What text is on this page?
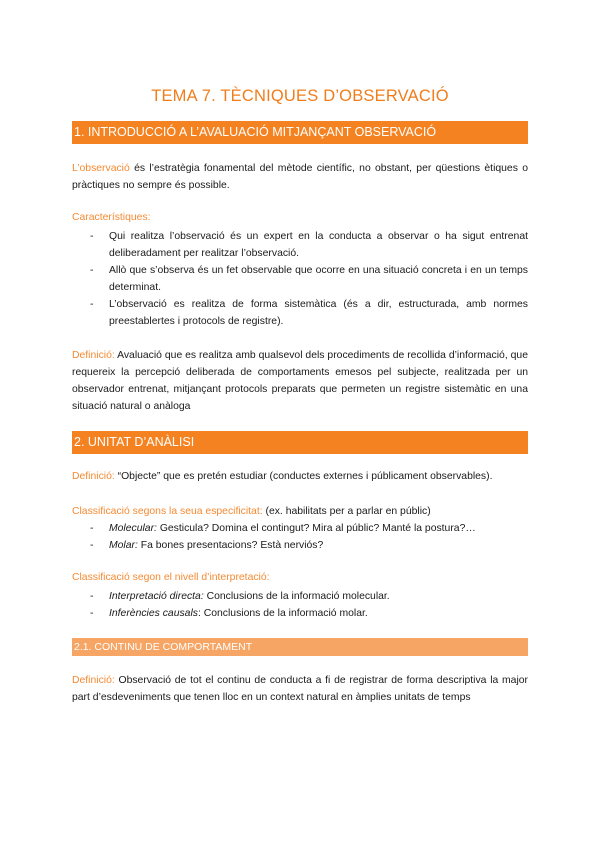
TEMA 7. TÈCNIQUES D’OBSERVACIÓ
1. INTRODUCCIÓ A L’AVALUACIÓ MITJANÇANT OBSERVACIÓ
L’observació és l’estratègia fonamental del mètode científic, no obstant, per qüestions ètiques o pràctiques no sempre és possible.
Característiques:
- Qui realitza l’observació és un expert en la conducta a observar o ha sigut entrenat deliberadament per realitzar l’observació.
- Allò que s’observa és un fet observable que ocorre en una situació concreta i en un temps determinat.
- L’observació es realitza de forma sistemàtica (és a dir, estructurada, amb normes preestablertes i protocols de registre).
Definició: Avaluació que es realitza amb qualsevol dels procediments de recollida d’informació, que requereix la percepció deliberada de comportaments emesos pel subjecte, realitzada per un observador entrenat, mitjançant protocols preparats que permeten un registre sistemàtic en una situació natural o anàloga
2. UNITAT D’ANÀLISI
Definició: “Objecte” que es pretén estudiar (conductes externes i públicament observables).
Classificació segons la seua especificitat: (ex. habilitats per a parlar en públic)
- Molecular: Gesticula? Domina el contingut? Mira al públic? Manté la postura?…
- Molar: Fa bones presentacions? Està nerviós?
Classificació segon el nivell d’interpretació:
- Interpretació directa: Conclusions de la informació molecular.
- Inferències causals: Conclusions de la informació molar.
2.1. CONTINU DE COMPORTAMENT
Definició: Observació de tot el continu de conducta a fi de registrar de forma descriptiva la major part d’esdeveniments que tenen lloc en un context natural en àmplies unitats de temps
